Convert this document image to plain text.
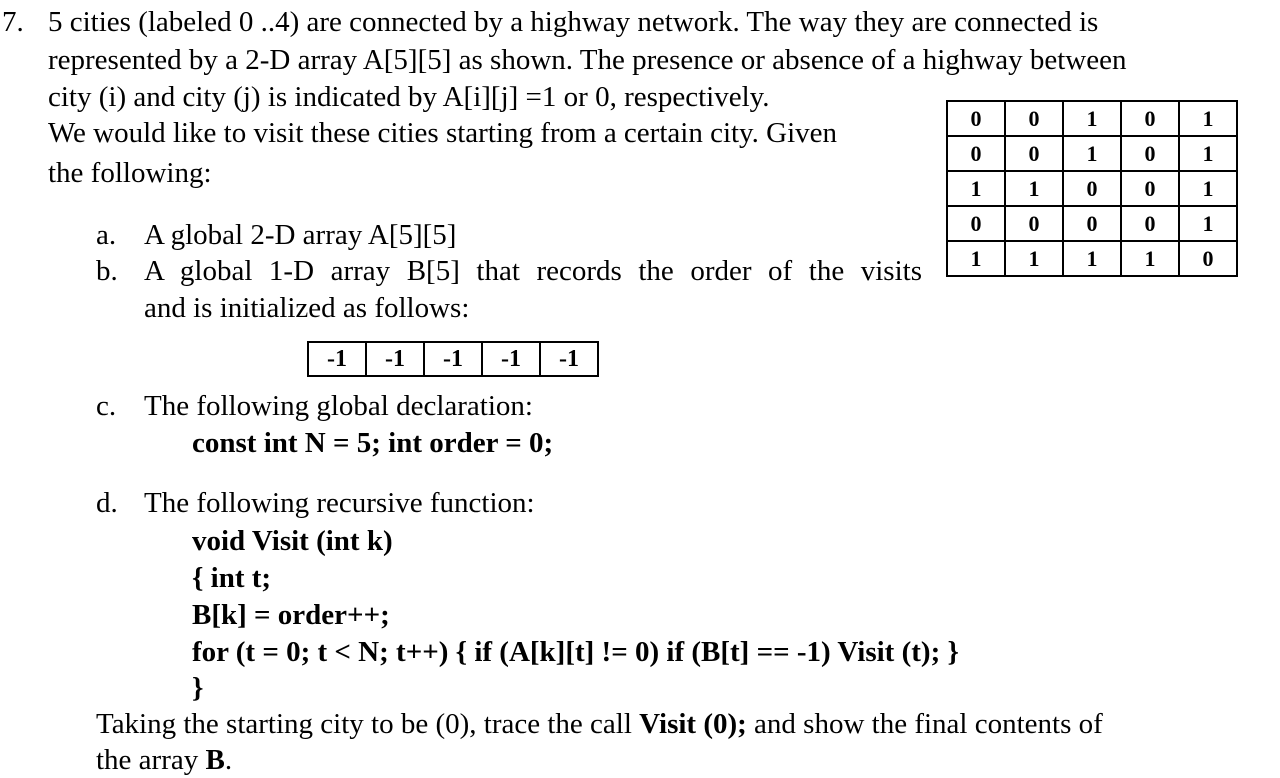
7. 5 cities (labeled 0 ..4) are connected by a highway network. The way they are connected is
represented by a 2-D array A[5][5] as shown. The presence or absence of a highway between
city (i) and city (j) is indicated by A[i][j] =1 or 0, respectively.
We would like to visit these cities starting from a certain city. Given
the following:
0	0	1	0	1
0	0	1	0	1
1	1	0	0	1
0	0	0	0	1
1	1	1	1	0
a. A global 2-D array A[5][5]
b. A global 1-D array B[5] that records the order of the visits
and is initialized as follows:
-1	-1	-1	-1	-1
c. The following global declaration:
const int N = 5; int order = 0;
d. The following recursive function:
void Visit (int k)
{ int t;
B[k] = order++;
for (t = 0; t < N; t++) { if (A[k][t] != 0) if (B[t] == -1) Visit (t); }
}
Taking the starting city to be (0), trace the call Visit (0); and show the final contents of
the array B.
